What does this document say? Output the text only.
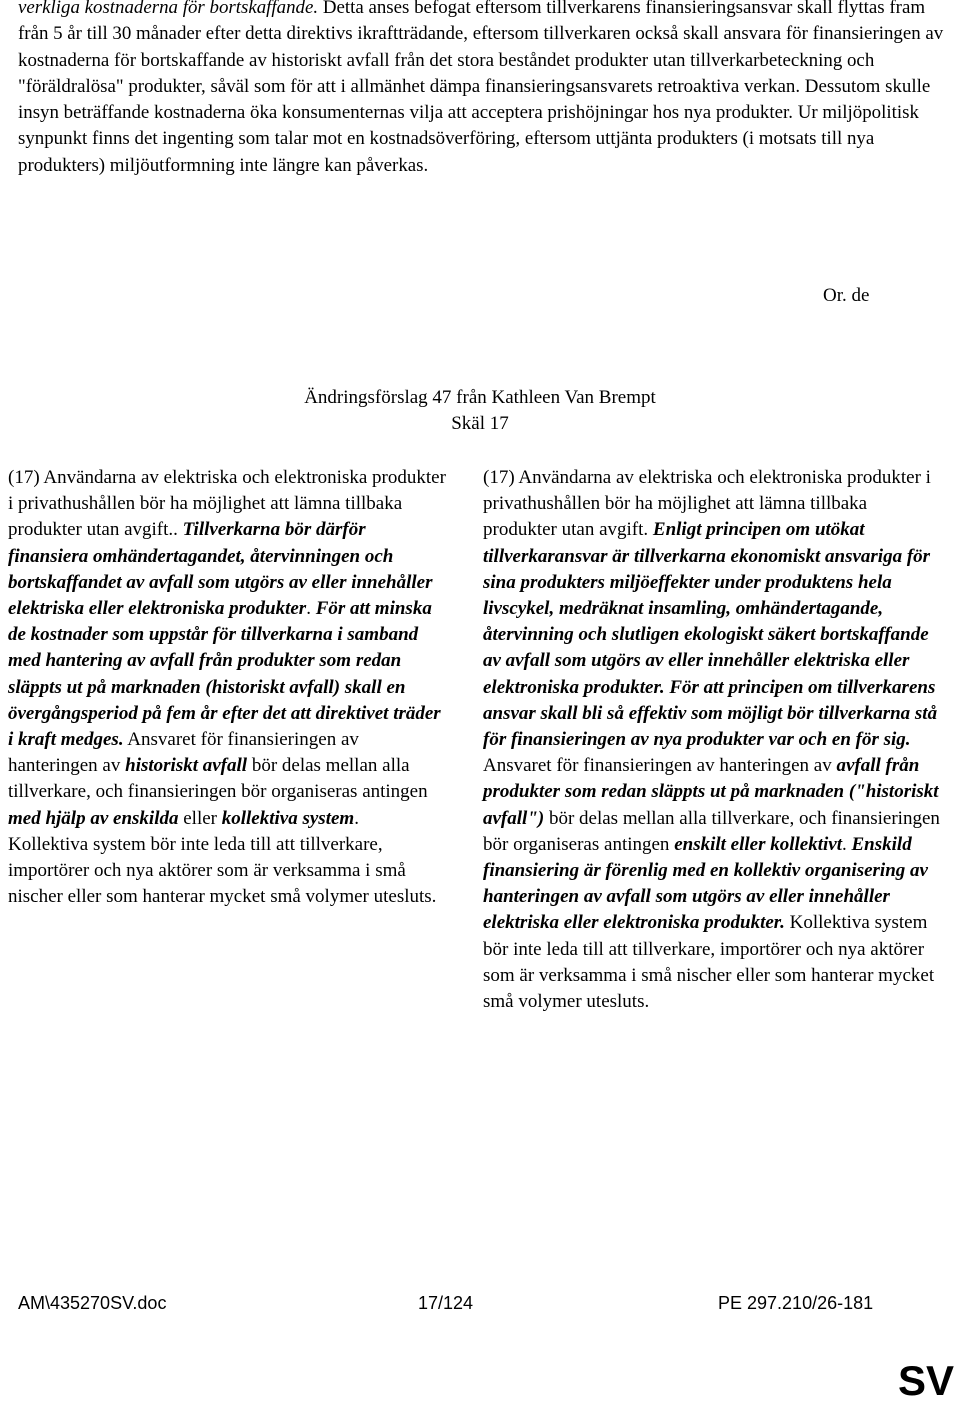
verkliga kostnaderna för bortskaffande. Detta anses befogat eftersom tillverkarens finansieringsansvar skall flyttas fram från 5 år till 30 månader efter detta direktivs ikraftträdande, eftersom tillverkaren också skall ansvara för finansieringen av kostnaderna för bortskaffande av historiskt avfall från det stora beståndet produkter utan tillverkarbeteckning och "föräldralösa" produkter, såväl som för att i allmänhet dämpa finansieringsansvarets retroaktiva verkan. Dessutom skulle insyn beträffande kostnaderna öka konsumenternas vilja att acceptera prishöjningar hos nya produkter. Ur miljöpolitisk synpunkt finns det ingenting som talar mot en kostnadsöverföring, eftersom uttjänta produkters (i motsats till nya produkters) miljöutformning inte längre kan påverkas.
Or. de
Ändringsförslag 47 från Kathleen Van Brempt
Skäl 17
(17) Användarna av elektriska och elektroniska produkter i privathushållen bör ha möjlighet att lämna tillbaka produkter utan avgift.. Tillverkarna bör därför finansiera omhändertagandet, återvinningen och bortskaffandet av avfall som utgörs av eller innehåller elektriska eller elektroniska produkter. För att minska de kostnader som uppstår för tillverkarna i samband med hantering av avfall från produkter som redan släppts ut på marknaden (historiskt avfall) skall en övergångsperiod på fem år efter det att direktivet träder i kraft medges. Ansvaret för finansieringen av hanteringen av historiskt avfall bör delas mellan alla tillverkare, och finansieringen bör organiseras antingen med hjälp av enskilda eller kollektiva system.
Kollektiva system bör inte leda till att tillverkare, importörer och nya aktörer som är verksamma i små nischer eller som hanterar mycket små volymer utesluts.
(17) Användarna av elektriska och elektroniska produkter i privathushållen bör ha möjlighet att lämna tillbaka produkter utan avgift. Enligt principen om utökat tillverkaransvar är tillverkarna ekonomiskt ansvariga för sina produkters miljöeffekter under produktens hela livscykel, medräknat insamling, omhändertagande, återvinning och slutligen ekologiskt säkert bortskaffande av avfall som utgörs av eller innehåller elektriska eller elektroniska produkter. För att principen om tillverkarens ansvar skall bli så effektiv som möjligt bör tillverkarna stå för finansieringen av nya produkter var och en för sig. Ansvaret för finansieringen av hanteringen av avfall från produkter som redan släppts ut på marknaden ("historiskt avfall") bör delas mellan alla tillverkare, och finansieringen bör organiseras antingen enskilt eller kollektivt. Enskild finansiering är förenlig med en kollektiv organisering av hanteringen av avfall som utgörs av eller innehåller elektriska eller elektroniska produkter. Kollektiva system bör inte leda till att tillverkare, importörer och nya aktörer som är verksamma i små nischer eller som hanterar mycket små volymer utesluts.
AM\435270SV.doc	17/124	PE 297.210/26-181
SV
